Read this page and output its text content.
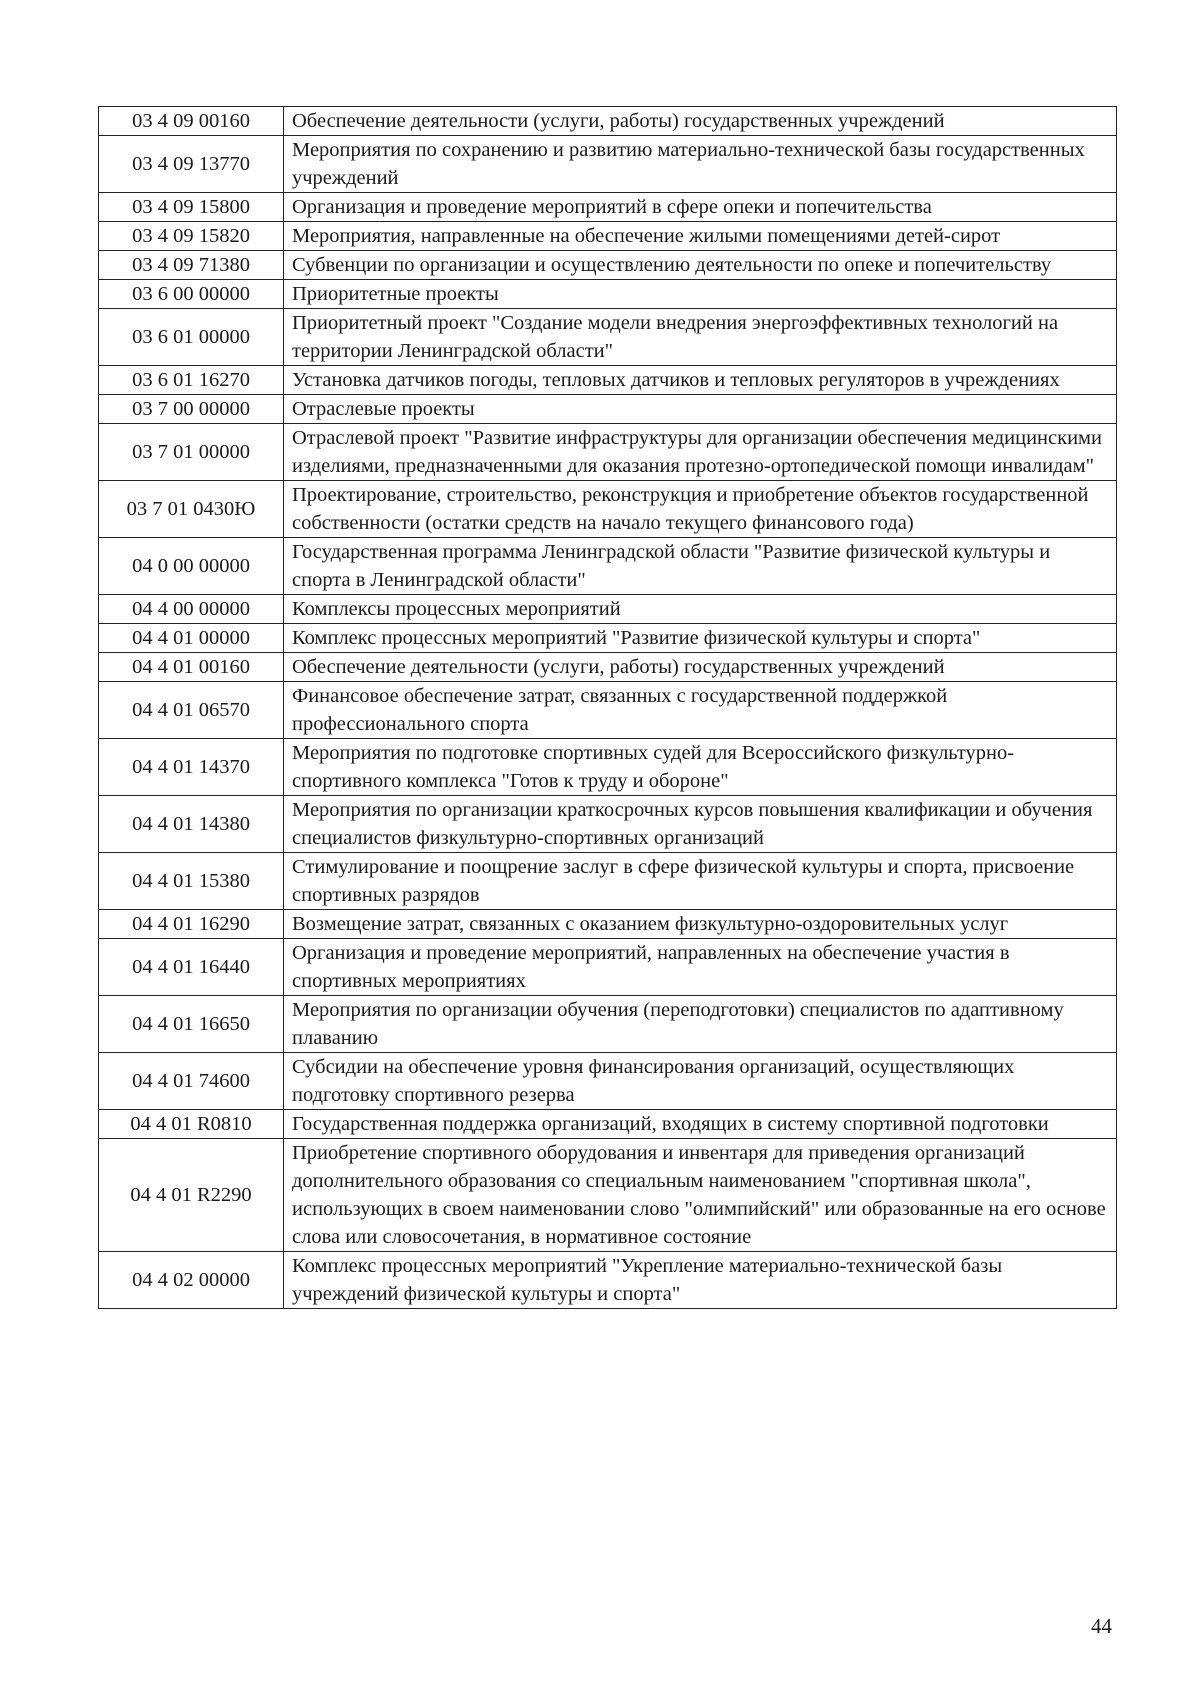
03 4 09 00160	Обеспечение деятельности (услуги, работы) государственных учреждений
03 4 09 13770	Мероприятия по сохранению и развитию материально-технической базы государственных учреждений
03 4 09 15800	Организация и проведение мероприятий в сфере опеки и попечительства
03 4 09 15820	Мероприятия, направленные на обеспечение жилыми помещениями детей-сирот
03 4 09 71380	Субвенции по организации и осуществлению деятельности по опеке и попечительству
03 6 00 00000	Приоритетные проекты
03 6 01 00000	Приоритетный проект "Создание модели внедрения энергоэффективных технологий на территории Ленинградской области"
03 6 01 16270	Установка датчиков погоды, тепловых датчиков и тепловых регуляторов в учреждениях
03 7 00 00000	Отраслевые проекты
03 7 01 00000	Отраслевой проект "Развитие инфраструктуры для организации обеспечения медицинскими изделиями, предназначенными для оказания протезно-ортопедической помощи инвалидам"
03 7 01 0430Ю	Проектирование, строительство, реконструкция и приобретение объектов государственной собственности (остатки средств на начало текущего финансового года)
04 0 00 00000	Государственная программа Ленинградской области "Развитие физической культуры и спорта в Ленинградской области"
04 4 00 00000	Комплексы процессных мероприятий
04 4 01 00000	Комплекс процессных мероприятий "Развитие физической культуры и спорта"
04 4 01 00160	Обеспечение деятельности (услуги, работы) государственных учреждений
04 4 01 06570	Финансовое обеспечение затрат, связанных с государственной поддержкой профессионального спорта
04 4 01 14370	Мероприятия по подготовке спортивных судей для Всероссийского физкультурно-спортивного комплекса "Готов к труду и обороне"
04 4 01 14380	Мероприятия по организации краткосрочных курсов повышения квалификации и обучения специалистов физкультурно-спортивных организаций
04 4 01 15380	Стимулирование и поощрение заслуг в сфере физической культуры и спорта, присвоение спортивных разрядов
04 4 01 16290	Возмещение затрат, связанных с оказанием физкультурно-оздоровительных услуг
04 4 01 16440	Организация и проведение мероприятий, направленных на обеспечение участия в спортивных мероприятиях
04 4 01 16650	Мероприятия по организации обучения (переподготовки) специалистов по адаптивному плаванию
04 4 01 74600	Субсидии на обеспечение уровня финансирования организаций, осуществляющих подготовку спортивного резерва
04 4 01 R0810	Государственная поддержка организаций, входящих в систему спортивной подготовки
04 4 01 R2290	Приобретение спортивного оборудования и инвентаря для приведения организаций дополнительного образования со специальным наименованием "спортивная школа", использующих в своем наименовании слово "олимпийский" или образованные на его основе слова или словосочетания, в нормативное состояние
04 4 02 00000	Комплекс процессных мероприятий "Укрепление материально-технической базы учреждений физической культуры и спорта"
44
